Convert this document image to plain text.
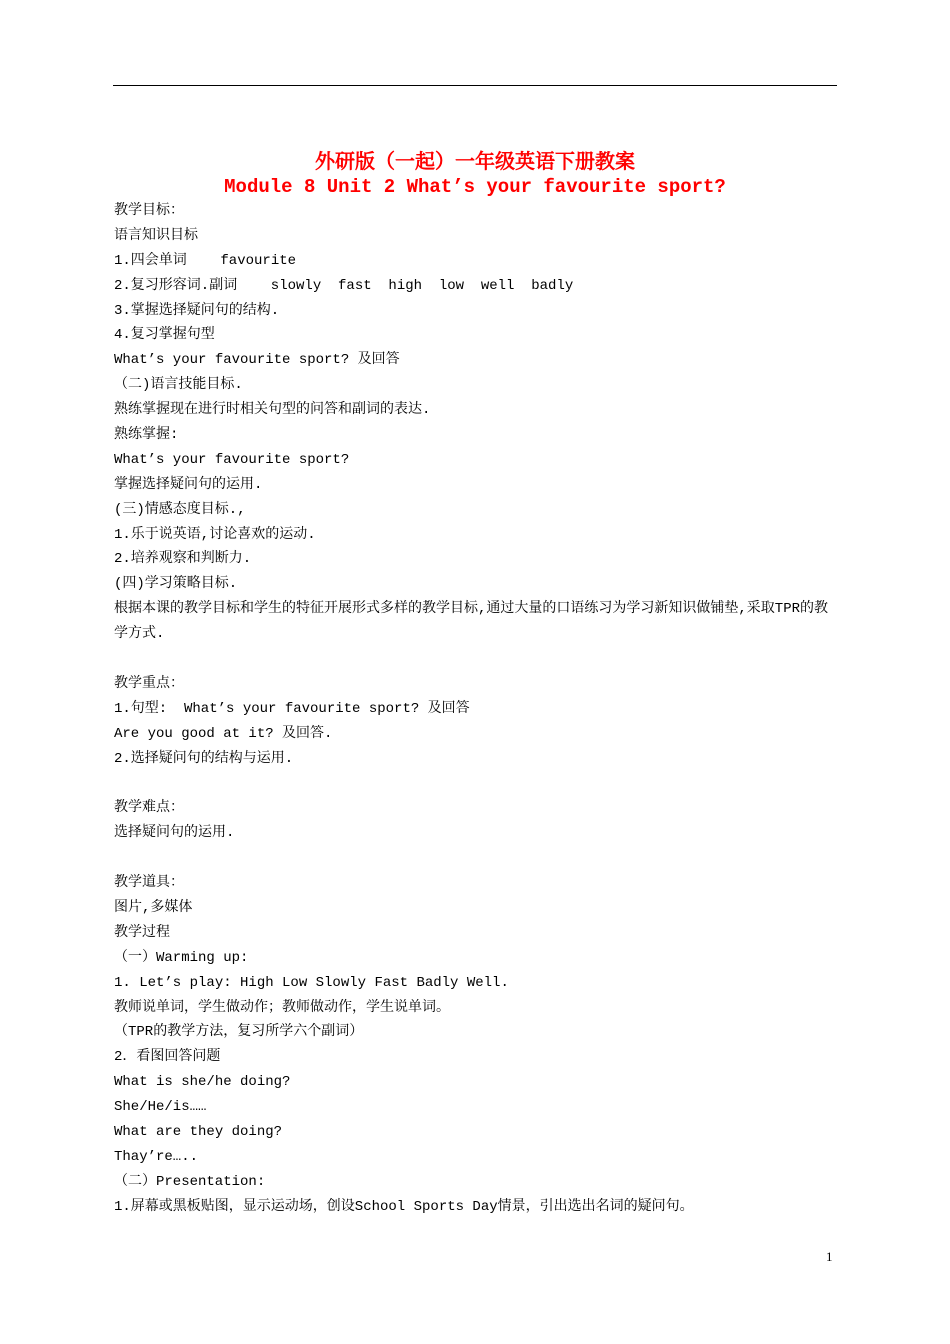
外研版（一起）一年级英语下册教案
Module 8 Unit 2 What’s your favourite sport?
教学目标：
语言知识目标
1.四会单词    favourite
2.复习形容词.副词    slowly  fast  high  low  well  badly
3.掌握选择疑问句的结构.
4.复习掌握句型
What’s your favourite sport? 及回答
（二)语言技能目标.
熟练掌握现在进行时相关句型的问答和副词的表达.
熟练掌握:
What’s your favourite sport?
掌握选择疑问句的运用.
(三)情感态度目标.,
1.乐于说英语,讨论喜欢的运动.
2.培养观察和判断力.
(四)学习策略目标.
根据本课的教学目标和学生的特征开展形式多样的教学目标,通过大量的口语练习为学习新知识做铺垫,采取TPR的教学方式.
教学重点：
1.句型:  What’s your favourite sport? 及回答
Are you good at it? 及回答.
2.选择疑问句的结构与运用.
教学难点：
选择疑问句的运用.
教学道具：
图片,多媒体
教学过程
（一）Warming up:
1. Let’s play: High Low Slowly Fast Badly Well.
教师说单词，学生做动作；教师做动作，学生说单词。
（TPR的教学方法，复习所学六个副词）
2．看图回答问题
What is she/he doing?
She/He/is……
What are they doing?
Thay’re…..
（二）Presentation:
1.屏幕或黑板贴图，显示运动场，创设School Sports Day情景，引出选出名词的疑问句。
1
